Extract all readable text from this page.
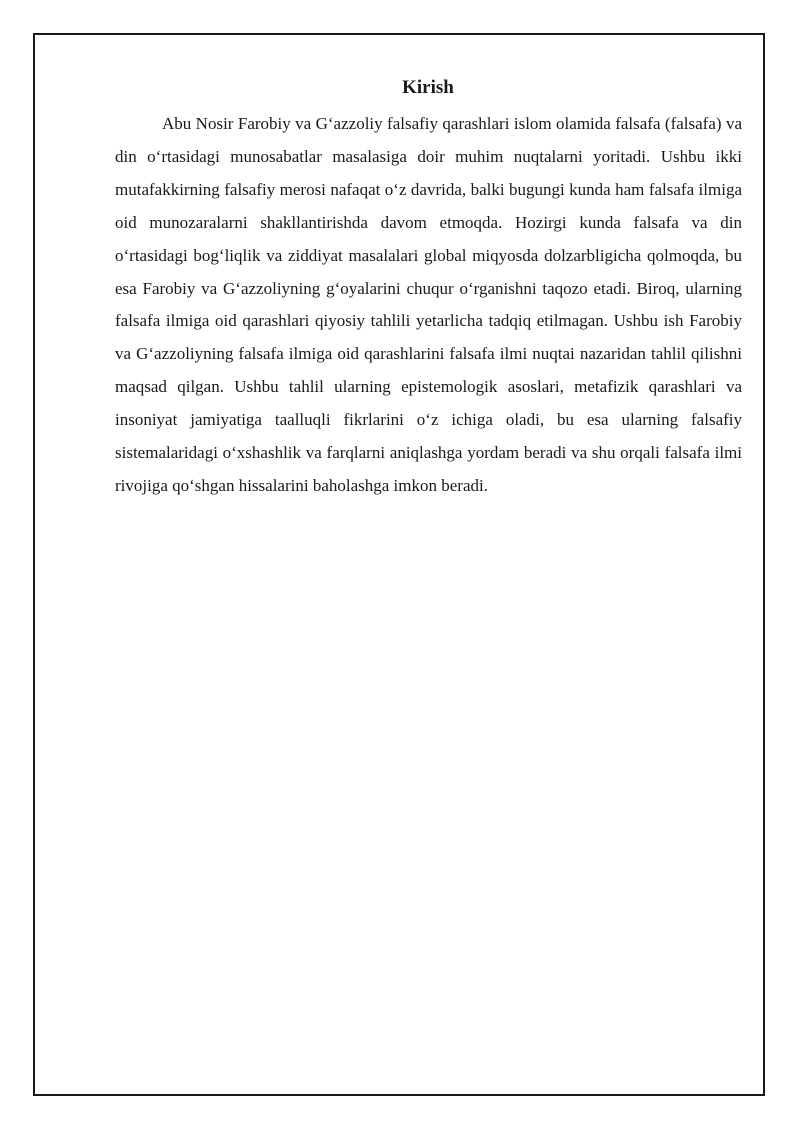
Kirish

Abu Nosir Farobiy va G‘azzoliy falsafiy qarashlari islom olamida falsafa (falsafa) va din o‘rtasidagi munosabatlar masalasiga doir muhim nuqtalarni yoritadi. Ushbu ikki mutafakkirning falsafiy merosi nafaqat o‘z davrida, balki bugungi kunda ham falsafa ilmiga oid munozaralarni shakllantirishda davom etmoqda. Hozirgi kunda falsafa va din o‘rtasidagi bog‘liqlik va ziddiyat masalalari global miqyosda dolzarbligicha qolmoqda, bu esa Farobiy va G‘azzoliyning g‘oyalarini chuqur o‘rganishni taqozo etadi. Biroq, ularning falsafa ilmiga oid qarashlari qiyosiy tahlili yetarlicha tadqiq etilmagan. Ushbu ish Farobiy va G‘azzoliyning falsafa ilmiga oid qarashlarini falsafa ilmi nuqtai nazaridan tahlil qilishni maqsad qilgan. Ushbu tahlil ularning epistemologik asoslari, metafizik qarashlari va insoniyat jamiyatiga taalluqli fikrlarini o‘z ichiga oladi, bu esa ularning falsafiy sistemalaridagi o‘xshashlik va farqlarni aniqlashga yordam beradi va shu orqali falsafa ilmi rivojiga qo‘shgan hissalarini baholashga imkon beradi.
